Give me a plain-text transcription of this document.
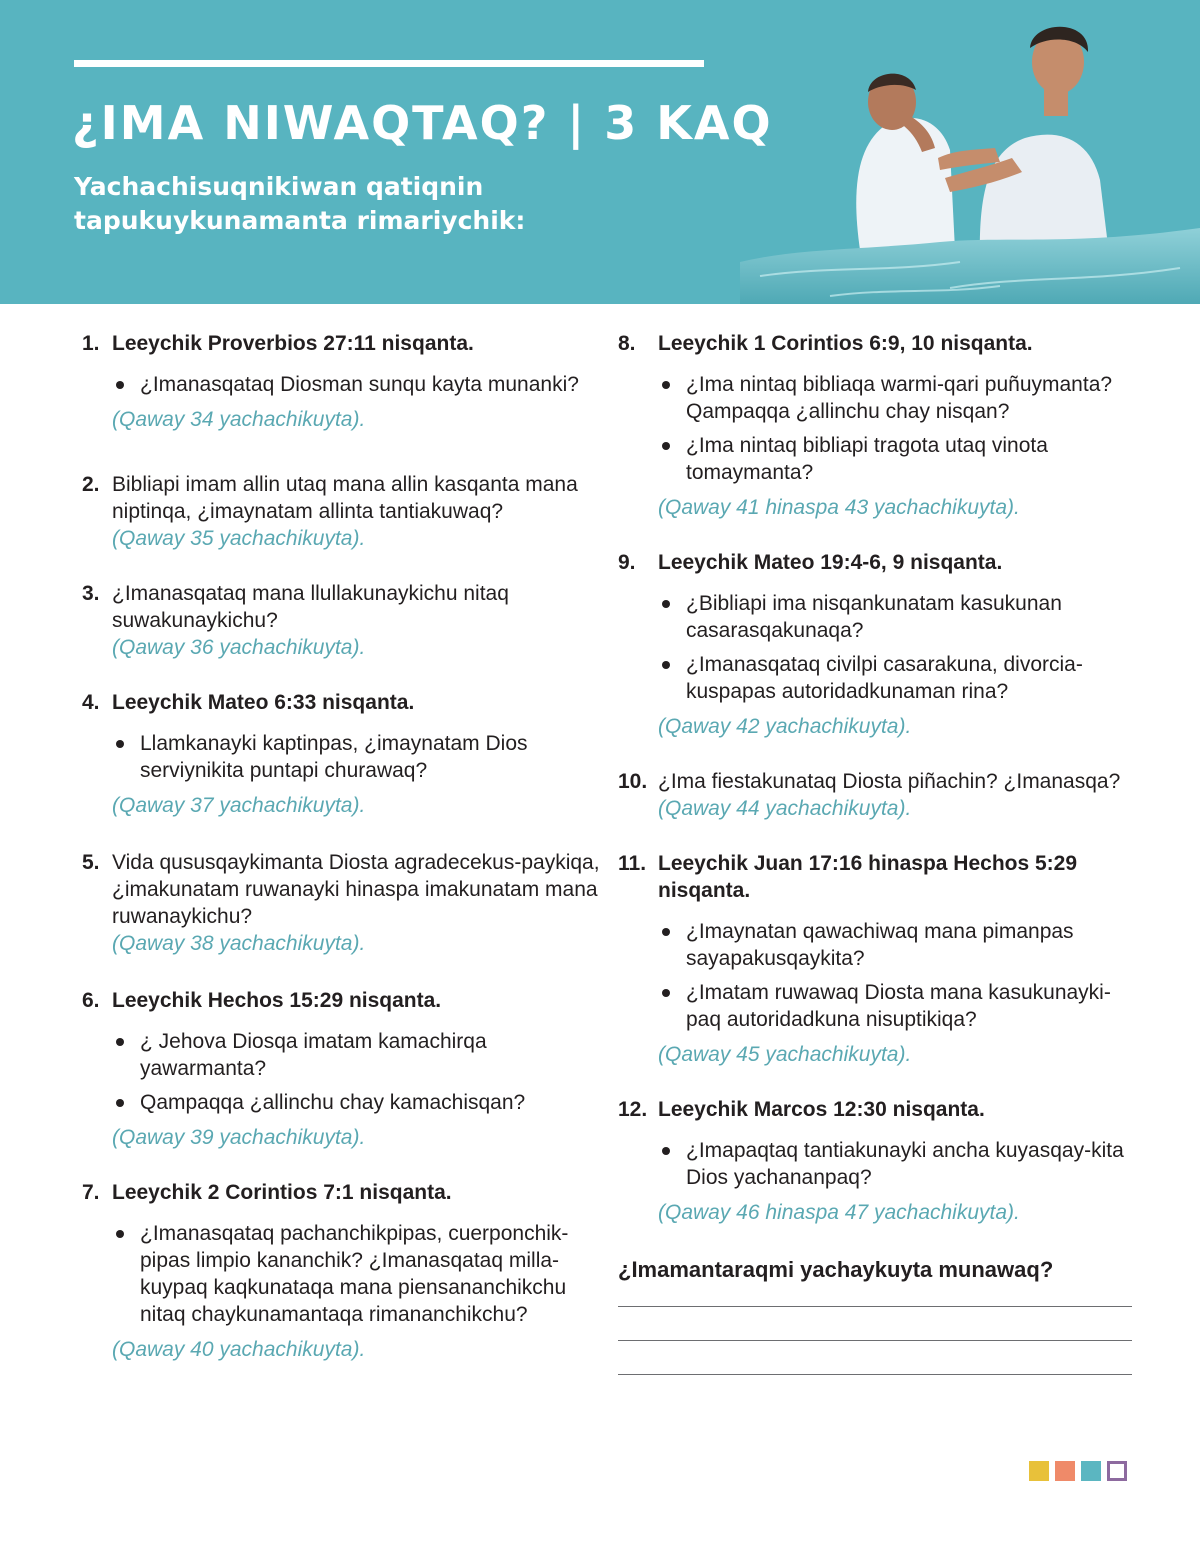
¿IMA NIWAQTAQ? | 3 KAQ

Yachachisuqnikiwan qatiqnin tapukuykunamanta rimariychik:

1. Leeychik Proverbios 27:11 nisqanta.
¿Imanasqataq Diosman sunqu kayta munanki?
(Qaway 34 yachachikuyta).
2. Bibliapi imam allin utaq mana allin kasqanta mana niptinqa, ¿imaynatam allinta tantiakuwaq?
(Qaway 35 yachachikuyta).
3. ¿Imanasqataq mana llullakunaykichu nitaq suwakunaykichu?
(Qaway 36 yachachikuyta).
4. Leeychik Mateo 6:33 nisqanta.
Llamkanayki kaptinpas, ¿imaynatam Dios serviynikita puntapi churawaq?
(Qaway 37 yachachikuyta).
5. Vida qususqaykimanta Diosta agradecekus-paykiqa, ¿imakunatam ruwanayki hinaspa imakunatam mana ruwanaykichu?
(Qaway 38 yachachikuyta).
6. Leeychik Hechos 15:29 nisqanta.
¿ Jehova Diosqa imatam kamachirqa yawarmanta?
Qampaqqa ¿allinchu chay kamachisqan?
(Qaway 39 yachachikuyta).
7. Leeychik 2 Corintios 7:1 nisqanta.
¿Imanasqataq pachanchikpipas, cuerponchik-pipas limpio kananchik? ¿Imanasqataq milla-kuypaq kaqkunataqa mana piensananchikchu nitaq chaykunamantaqa rimananchikchu?
(Qaway 40 yachachikuyta).
8. Leeychik 1 Corintios 6:9, 10 nisqanta.
¿Ima nintaq bibliaqa warmi-qari puñuymanta? Qampaqqa ¿allinchu chay nisqan?
¿Ima nintaq bibliapi tragota utaq vinota tomaymanta?
(Qaway 41 hinaspa 43 yachachikuyta).
9. Leeychik Mateo 19:4-6, 9 nisqanta.
¿Bibliapi ima nisqankunatam kasukunan casarasqakunaqa?
¿Imanasqataq civilpi casarakuna, divorcia-kuspapas autoridadkunaman rina?
(Qaway 42 yachachikuyta).
10. ¿Ima fiestakunataq Diosta piñachin? ¿Imanasqa?
(Qaway 44 yachachikuyta).
11. Leeychik Juan 17:16 hinaspa Hechos 5:29 nisqanta.
¿Imaynatan qawachiwaq mana pimanpas sayapakusqaykita?
¿Imatam ruwawaq Diosta mana kasukunayki-paq autoridadkuna nisuptikiqa?
(Qaway 45 yachachikuyta).
12. Leeychik Marcos 12:30 nisqanta.
¿Imapaqtaq tantiakunayki ancha kuyasqay-kita Dios yachananpaq?
(Qaway 46 hinaspa 47 yachachikuyta).
¿Imamantaraqmi yachaykuyta munawaq?
